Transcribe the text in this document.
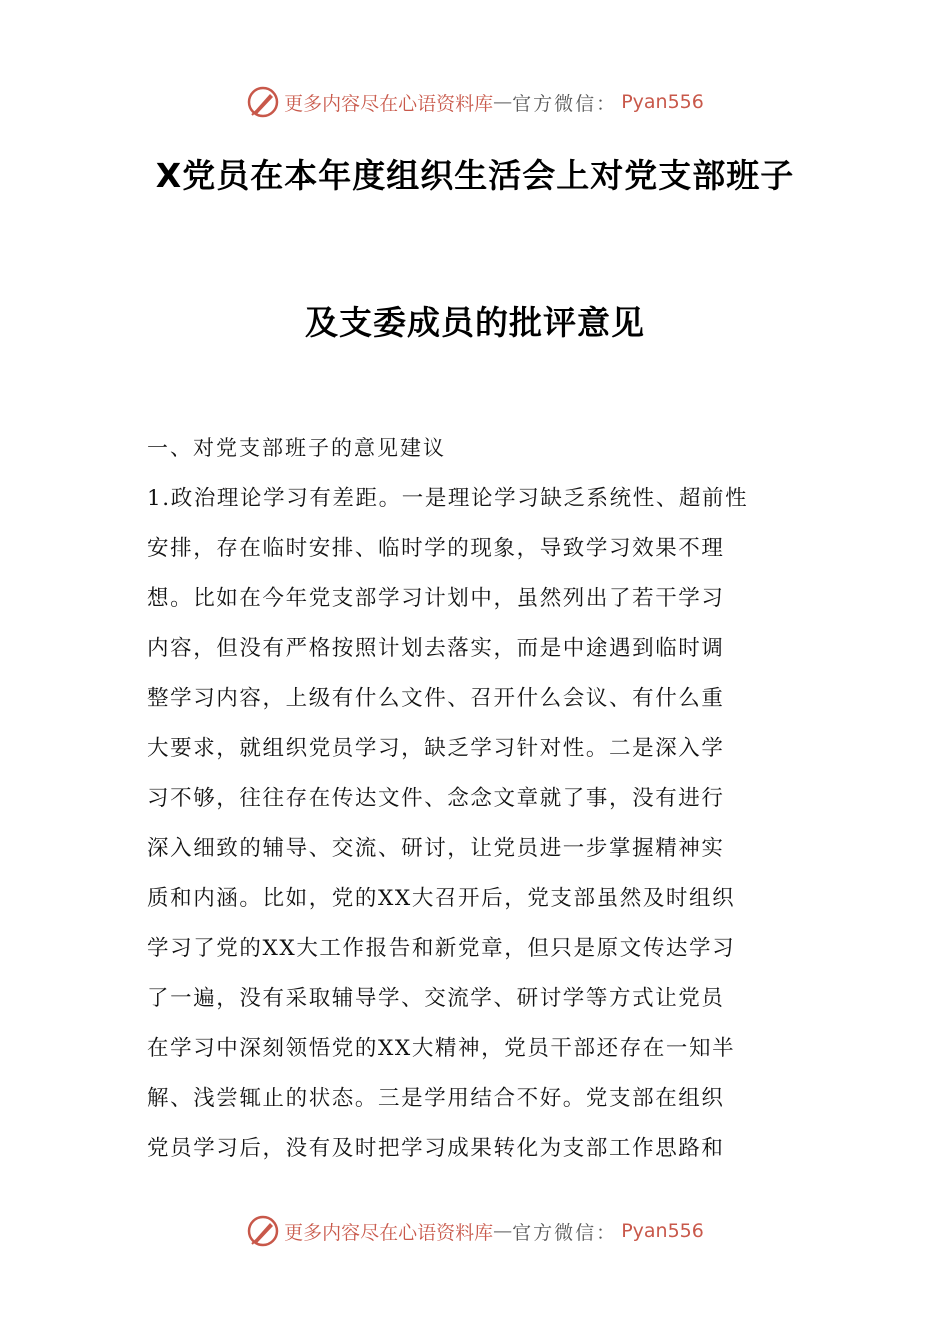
更多内容尽在心语资料库 — 官方微信： Pyan556
X党员在本年度组织生活会上对党支部班子
及支委成员的批评意见
一、对党支部班子的意见建议
1.政治理论学习有差距。一是理论学习缺乏系统性、超前性
安排，存在临时安排、临时学的现象，导致学习效果不理
想。比如在今年党支部学习计划中，虽然列出了若干学习
内容，但没有严格按照计划去落实，而是中途遇到临时调
整学习内容，上级有什么文件、召开什么会议、有什么重
大要求，就组织党员学习，缺乏学习针对性。二是深入学
习不够，往往存在传达文件、念念文章就了事，没有进行
深入细致的辅导、交流、研讨，让党员进一步掌握精神实
质和内涵。比如，党的XX大召开后，党支部虽然及时组织
学习了党的XX大工作报告和新党章，但只是原文传达学习
了一遍，没有采取辅导学、交流学、研讨学等方式让党员
在学习中深刻领悟党的XX大精神，党员干部还存在一知半
解、浅尝辄止的状态。三是学用结合不好。党支部在组织
党员学习后，没有及时把学习成果转化为支部工作思路和
更多内容尽在心语资料库 — 官方微信： Pyan556
